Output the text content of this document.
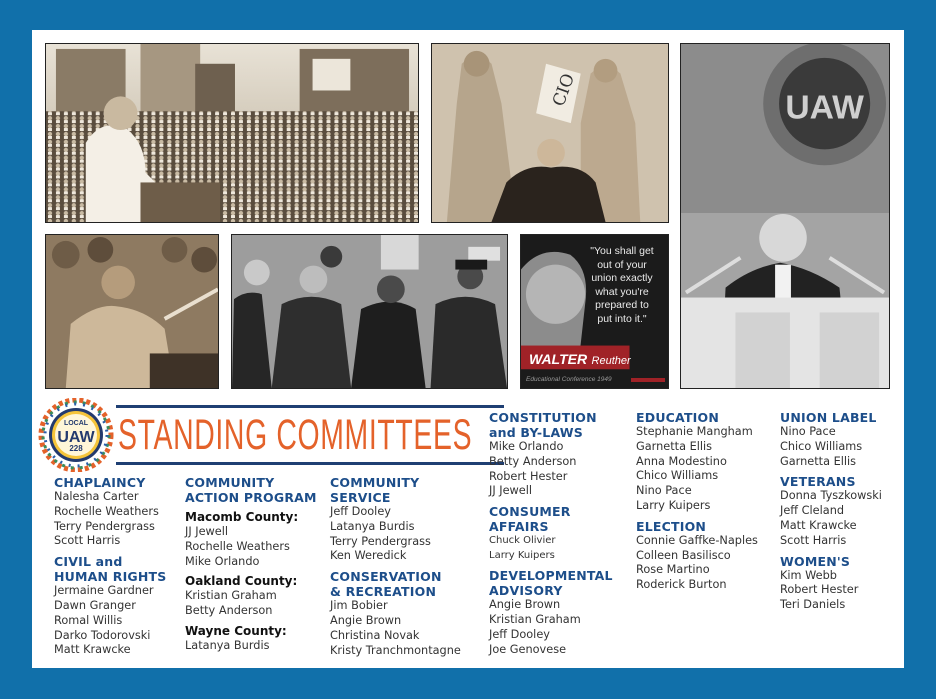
CIO	UAW
"You shall get
out of your
union exactly
what you're
prepared to
put into it."
WALTER Reuther
Educational Conference 1949
LOCAL
UAW
228 STANDING COMMITTEES
CHAPLAINCY
Nalesha Carter
Rochelle Weathers
Terry Pendergrass
Scott Harris
CIVIL and
HUMAN RIGHTS
Jermaine Gardner
Dawn Granger
Romal Willis
Darko Todorovski
Matt Krawcke
COMMUNITY
ACTION PROGRAM
Macomb County:
JJ Jewell
Rochelle Weathers
Mike Orlando
Oakland County:
Kristian Graham
Betty Anderson
Wayne County:
Latanya Burdis
COMMUNITY
SERVICE
Jeff Dooley
Latanya Burdis
Terry Pendergrass
Ken Weredick
CONSERVATION
& RECREATION
Jim Bobier
Angie Brown
Christina Novak
Kristy Tranchmontagne
CONSTITUTION
and BY-LAWS
Mike Orlando
Betty Anderson
Robert Hester
JJ Jewell
CONSUMER
AFFAIRS
Chuck Olivier
Larry Kuipers
DEVELOPMENTAL
ADVISORY
Angie Brown
Kristian Graham
Jeff Dooley
Joe Genovese
EDUCATION
Stephanie Mangham
Garnetta Ellis
Anna Modestino
Chico Williams
Nino Pace
Larry Kuipers
ELECTION
Connie Gaffke-Naples
Colleen Basilisco
Rose Martino
Roderick Burton
UNION LABEL
Nino Pace
Chico Williams
Garnetta Ellis
VETERANS
Donna Tyszkowski
Jeff Cleland
Matt Krawcke
Scott Harris
WOMEN'S
Kim Webb
Robert Hester
Teri Daniels
